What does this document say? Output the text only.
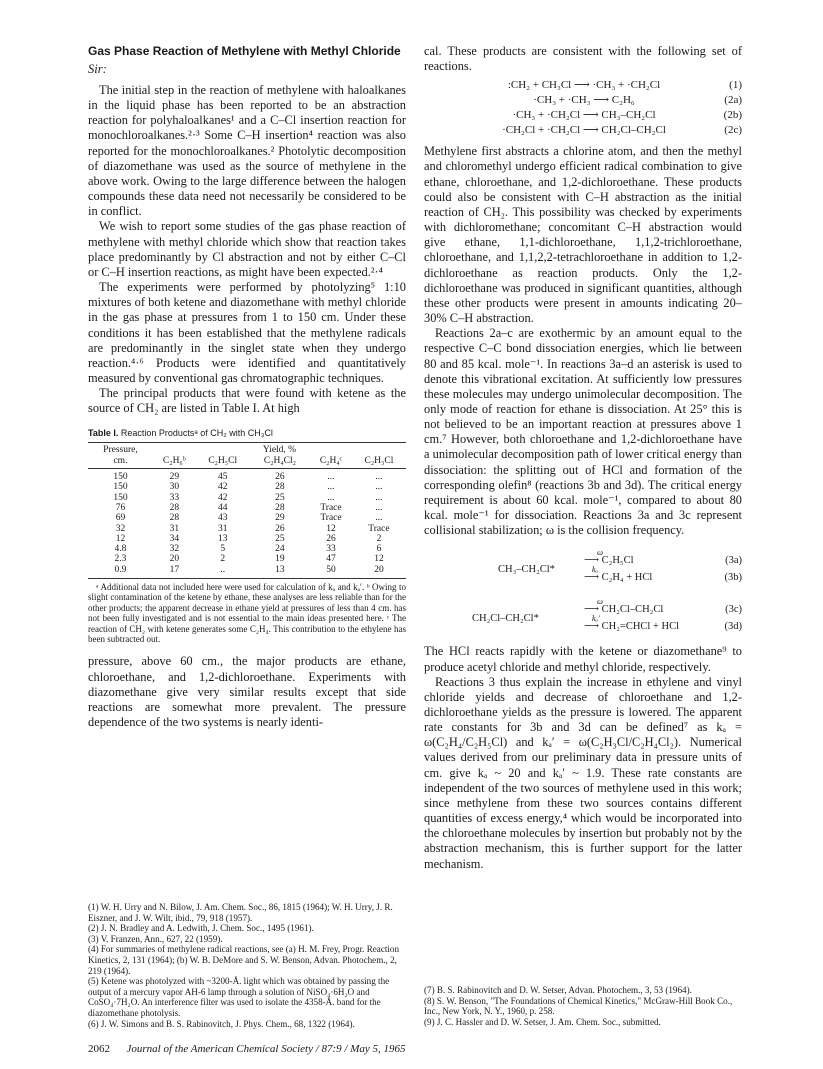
Gas Phase Reaction of Methylene with Methyl Chloride
Sir:

The initial step in the reaction of methylene with haloalkanes in the liquid phase has been reported to be an abstraction reaction for polyhaloalkanes¹ and a C–Cl insertion reaction for monochloroalkanes.²·³ Some C–H insertion⁴ reaction was also reported for the monochloroalkanes.² Photolytic decomposition of diazomethane was used as the source of methylene in the above work. Owing to the large difference between the halogen compounds these data need not necessarily be considered to be in conflict.

We wish to report some studies of the gas phase reaction of methylene with methyl chloride which show that reaction takes place predominantly by Cl abstraction and not by either C–Cl or C–H insertion reactions, as might have been expected.²·⁴

The experiments were performed by photolyzing⁵ 1:10 mixtures of both ketene and diazomethane with methyl chloride in the gas phase at pressures from 1 to 150 cm. Under these conditions it has been established that the methylene radicals are predominantly in the singlet state when they undergo reaction.⁴·⁶ Products were identified and quantitatively measured by conventional gas chromatographic techniques.

The principal products that were found with ketene as the source of CH₂ are listed in Table I. At high

Table I. Reaction Productsᵃ of CH₂ with CH₃Cl
Pressure,	Yield, %				
cm.	C₂H₆ᵇ	C₂H₅Cl	C₂H₄Cl₂	C₂H₄ᶜ	C₂H₃Cl
150	29	45	26	...	...
150	30	42	28	...	...
150	33	42	25	...	...
76	28	44	28	Trace	...
69	28	43	29	Trace	...
32	31	31	26	12	Trace
12	34	13	25	26	2
4.8	32	5	24	33	6
2.3	20	2	19	47	12
0.9	17	..	13	50	20

ᵃ Additional data not included here were used for calculation of kₐ and kₐ′. ᵇ Owing to slight contamination of the ketene by ethane, these analyses are less reliable than for the other products; the apparent decrease in ethane yield at pressures of less than 4 cm. has not been fully investigated and is not essential to the main ideas presented here. ᶜ The reaction of CH₂ with ketene generates some C₂H₄. This contribution to the ethylene has been subtracted out.

pressure, above 60 cm., the major products are ethane, chloroethane, and 1,2-dichloroethane. Experiments with diazomethane give very similar results except that side reactions are somewhat more prevalent. The pressure dependence of the two systems is nearly identi-

(1) W. H. Urry and N. Bilow, J. Am. Chem. Soc., 86, 1815 (1964); W. H. Urry, J. R. Eiszner, and J. W. Wilt, ibid., 79, 918 (1957).
(2) J. N. Bradley and A. Ledwith, J. Chem. Soc., 1495 (1961).
(3) V. Franzen, Ann., 627, 22 (1959).
(4) For summaries of methylene radical reactions, see (a) H. M. Frey, Progr. Reaction Kinetics, 2, 131 (1964); (b) W. B. DeMore and S. W. Benson, Advan. Photochem., 2, 219 (1964).
(5) Ketene was photolyzed with ~3200-Å. light which was obtained by passing the output of a mercury vapor AH-6 lamp through a solution of NiSO₄·6H₂O and CoSO₄·7H₂O. An interference filter was used to isolate the 4358-Å. band for the diazomethane photolysis.
(6) J. W. Simons and B. S. Rabinovitch, J. Phys. Chem., 68, 1322 (1964).

cal. These products are consistent with the following set of reactions.

:CH₂ + CH₃Cl ⟶ ·CH₃ + ·CH₂Cl	(1)
·CH₃ + ·CH₃ ⟶ C₂H₆	(2a)
·CH₃ + ·CH₂Cl ⟶ CH₃–CH₂Cl	(2b)
·CH₂Cl + ·CH₂Cl ⟶ CH₂Cl–CH₂Cl	(2c)

Methylene first abstracts a chlorine atom, and then the methyl and chloromethyl undergo efficient radical combination to give ethane, chloroethane, and 1,2-dichloroethane. These products could also be consistent with C–H abstraction as the initial reaction of CH₂. This possibility was checked by experiments with dichloromethane; concomitant C–H abstraction would give ethane, 1,1-dichloroethane, 1,1,2-trichloroethane, chloroethane, and 1,1,2,2-tetrachloroethane in addition to 1,2-dichloroethane as reaction products. Only the 1,2-dichloroethane was produced in significant quantities, although these other products were present in amounts indicating 20–30% C–H abstraction.

Reactions 2a–c are exothermic by an amount equal to the respective C–C bond dissociation energies, which lie between 80 and 85 kcal. mole⁻¹. In reactions 3a–d an asterisk is used to denote this vibrational excitation. At sufficiently low pressures these molecules may undergo unimolecular decomposition. The only mode of reaction for ethane is dissociation. At 25° this is not believed to be an important reaction at pressures above 1 cm.⁷ However, both chloroethane and 1,2-dichloroethane have a unimolecular decomposition path of lower critical energy than dissociation: the splitting out of HCl and formation of the corresponding olefin⁸ (reactions 3b and 3d). The critical energy requirement is about 60 kcal. mole⁻¹, compared to about 80 kcal. mole⁻¹ for dissociation. Reactions 3a and 3c represent collisional stabilization; ω is the collision frequency.

CH₃–CH₂Cl*
ω
⟶ C₂H₅Cl
kₐ
⟶ C₂H₄ + HCl
(3a)
(3b)
CH₂Cl–CH₂Cl*
ω
⟶ CH₂Cl–CH₂Cl
kₐ′
⟶ CH₂=CHCl + HCl
(3c)
(3d)

The HCl reacts rapidly with the ketene or diazomethane⁹ to produce acetyl chloride and methyl chloride, respectively.

Reactions 3 thus explain the increase in ethylene and vinyl chloride yields and decrease of chloroethane and 1,2-dichloroethane yields as the pressure is lowered. The apparent rate constants for 3b and 3d can be defined⁷ as kₐ = ω(C₂H₄/C₂H₅Cl) and kₐ′ = ω(C₂H₃Cl/C₂H₄Cl₂). Numerical values derived from our preliminary data in pressure units of cm. give kₐ ~ 20 and kₐ′ ~ 1.9. These rate constants are independent of the two sources of methylene used in this work; since methylene from these two sources contains different quantities of excess energy,⁴ which would be incorporated into the chloroethane molecules by insertion but probably not by the abstraction mechanism, this is further support for the latter mechanism.

(7) B. S. Rabinovitch and D. W. Setser, Advan. Photochem., 3, 53 (1964).
(8) S. W. Benson, "The Foundations of Chemical Kinetics," McGraw-Hill Book Co., Inc., New York, N. Y., 1960, p. 258.
(9) J. C. Hassler and D. W. Setser, J. Am. Chem. Soc., submitted.
2062 Journal of the American Chemical Society / 87:9 / May 5, 1965
